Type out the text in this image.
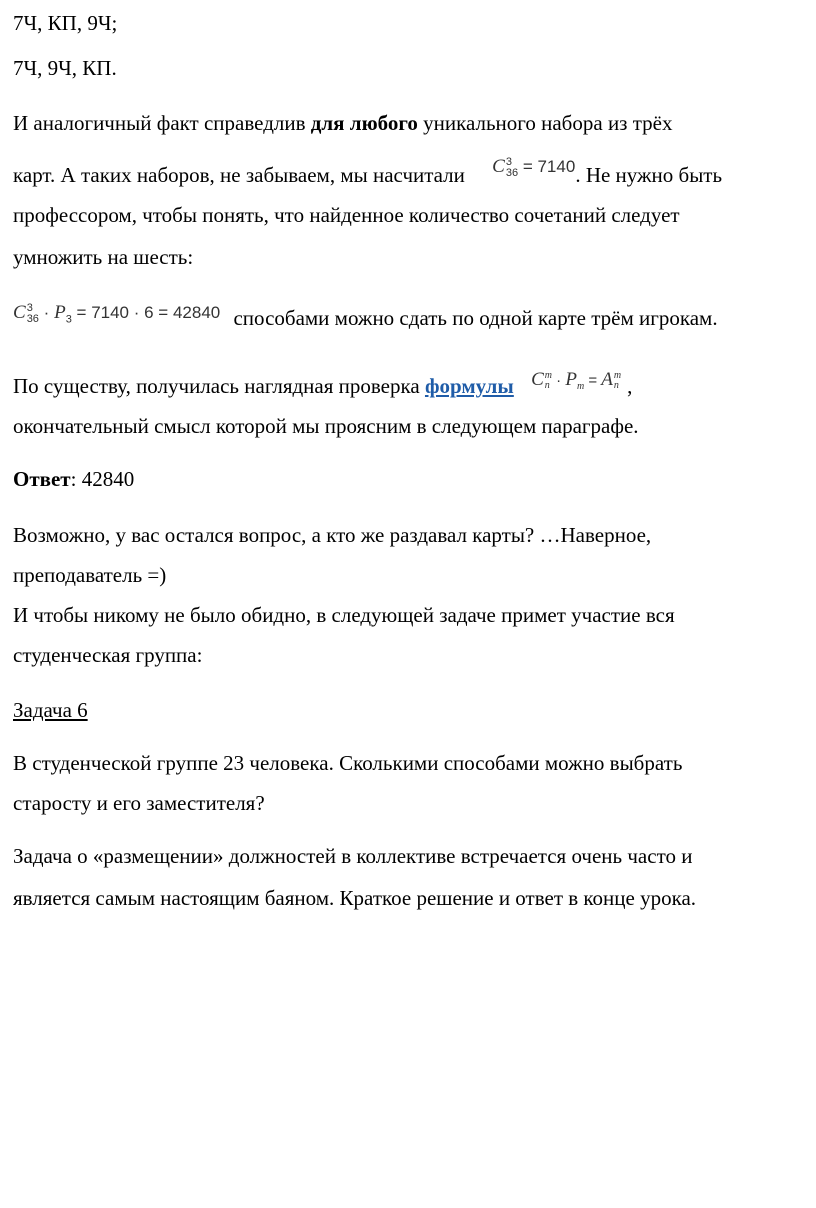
7Ч, КП, 9Ч;
7Ч, 9Ч, КП.
И аналогичный факт справедлив для любого уникального набора из трёх
карт. А таких наборов, не забываем, мы насчитали C 3
36 = 7140. Не нужно быть
профессором, чтобы понять, что найденное количество сочетаний следует
умножить на шесть:
C 3
$36 \cdot P_3 = 7140 \cdot 6 = 42840$ способами можно сдать по одной карте трём игрокам.
По существу, получилась наглядная проверка формулы C m
$n \cdot P_m = A$ m
n ,
окончательный смысл которой мы проясним в следующем параграфе.
Ответ: 42840
Возможно, у вас остался вопрос, а кто же раздавал карты? …Наверное,
преподаватель =)
И чтобы никому не было обидно, в следующей задаче примет участие вся
студенческая группа:
Задача 6
В студенческой группе 23 человека. Сколькими способами можно выбрать
старосту и его заместителя?
Задача о «размещении» должностей в коллективе встречается очень часто и
является самым настоящим баяном. Краткое решение и ответ в конце урока.
